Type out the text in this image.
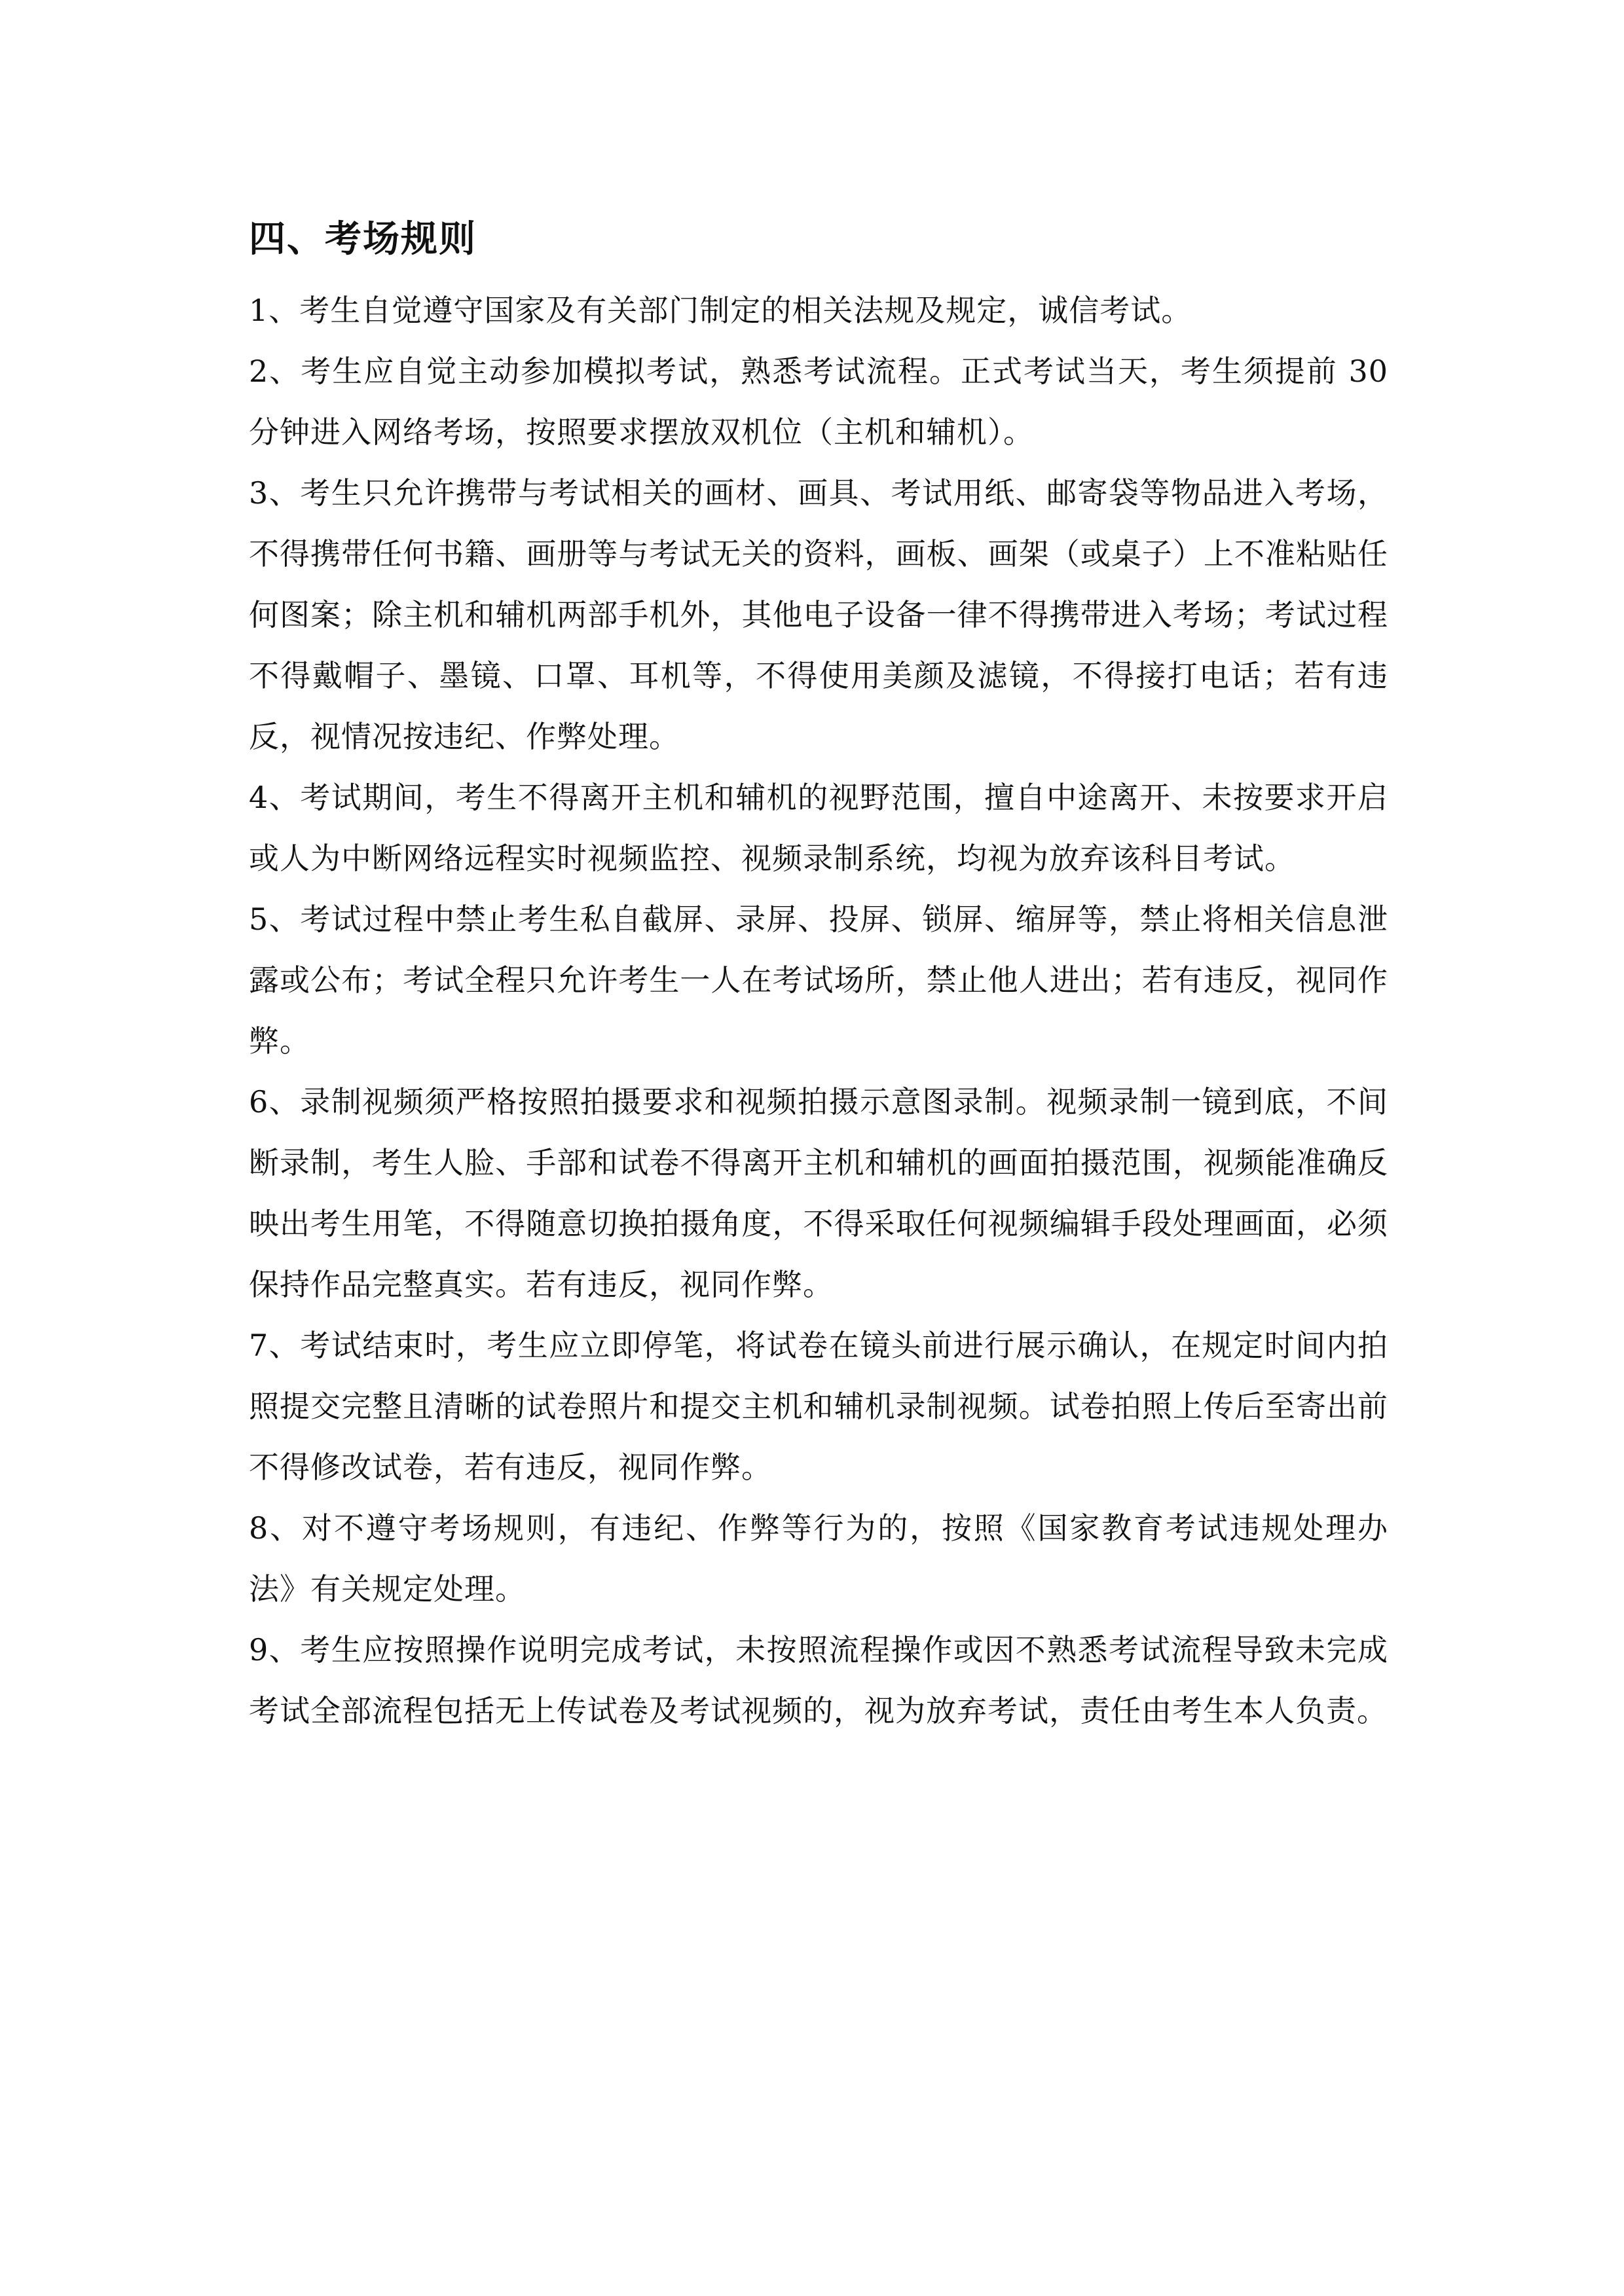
四、考场规则

1、考生自觉遵守国家及有关部门制定的相关法规及规定，诚信考试。

2、考生应自觉主动参加模拟考试，熟悉考试流程。正式考试当天，考生须提前 30分钟进入网络考场，按照要求摆放双机位（主机和辅机）。

3、考生只允许携带与考试相关的画材、画具、考试用纸、邮寄袋等物品进入考场，不得携带任何书籍、画册等与考试无关的资料，画板、画架（或桌子）上不准粘贴任何图案；除主机和辅机两部手机外，其他电子设备一律不得携带进入考场；考试过程不得戴帽子、墨镜、口罩、耳机等，不得使用美颜及滤镜，不得接打电话；若有违反，视情况按违纪、作弊处理。

4、考试期间，考生不得离开主机和辅机的视野范围，擅自中途离开、未按要求开启或人为中断网络远程实时视频监控、视频录制系统，均视为放弃该科目考试。

5、考试过程中禁止考生私自截屏、录屏、投屏、锁屏、缩屏等，禁止将相关信息泄露或公布；考试全程只允许考生一人在考试场所，禁止他人进出；若有违反，视同作弊。

6、录制视频须严格按照拍摄要求和视频拍摄示意图录制。视频录制一镜到底，不间断录制，考生人脸、手部和试卷不得离开主机和辅机的画面拍摄范围，视频能准确反映出考生用笔，不得随意切换拍摄角度，不得采取任何视频编辑手段处理画面，必须保持作品完整真实。若有违反，视同作弊。

7、考试结束时，考生应立即停笔，将试卷在镜头前进行展示确认，在规定时间内拍照提交完整且清晰的试卷照片和提交主机和辅机录制视频。试卷拍照上传后至寄出前不得修改试卷，若有违反，视同作弊。

8、对不遵守考场规则，有违纪、作弊等行为的，按照《国家教育考试违规处理办法》有关规定处理。

9、考生应按照操作说明完成考试，未按照流程操作或因不熟悉考试流程导致未完成考试全部流程包括无上传试卷及考试视频的，视为放弃考试，责任由考生本人负责。
